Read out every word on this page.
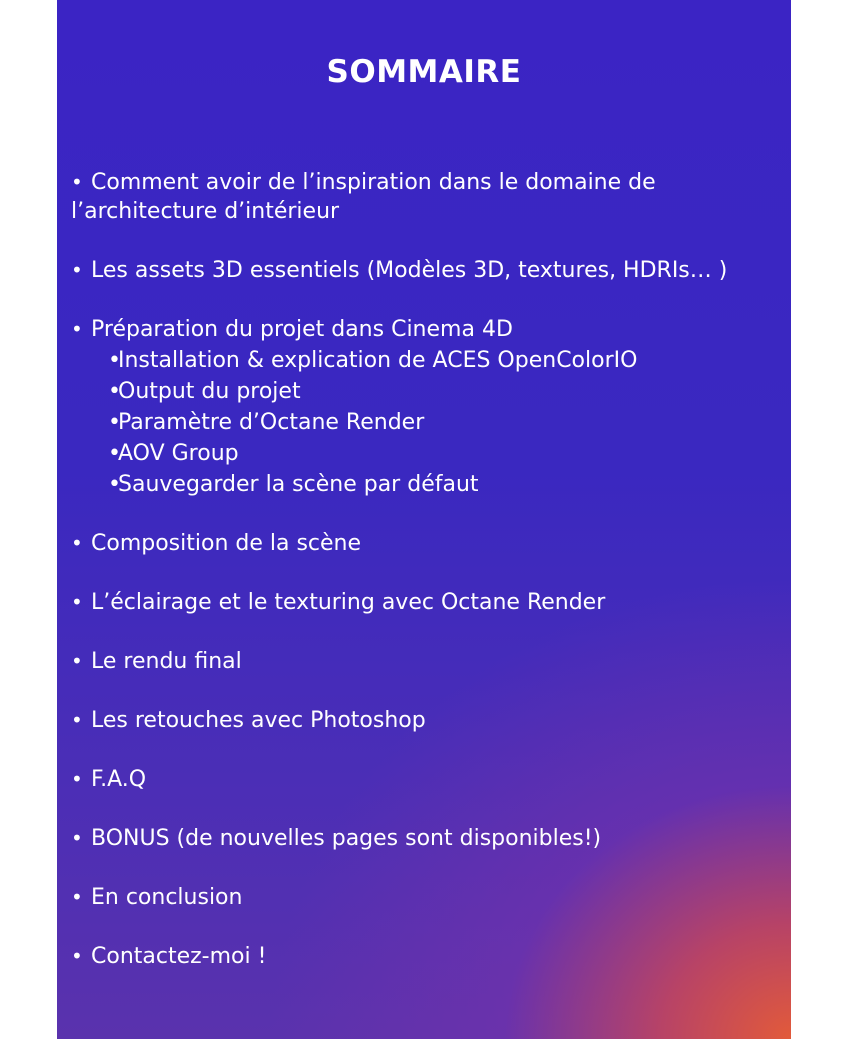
SOMMAIRE
• Comment avoir de l’inspiration dans le domaine de l’architecture d’intérieur
• Les assets 3D essentiels (Modèles 3D, textures, HDRIs… )
• Préparation du projet dans Cinema 4D
•Installation & explication de ACES OpenColorIO
•Output du projet
•Paramètre d’Octane Render
•AOV Group
•Sauvegarder la scène par défaut
• Composition de la scène
• L’éclairage et le texturing avec Octane Render
• Le rendu final
• Les retouches avec Photoshop
• F.A.Q
• BONUS (de nouvelles pages sont disponibles!)
• En conclusion
• Contactez-moi !
